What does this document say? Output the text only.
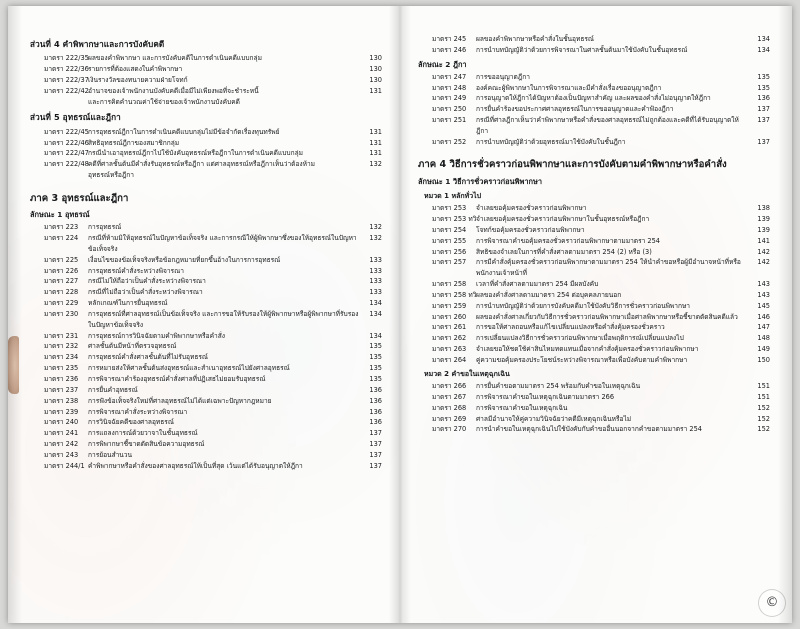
ส่วนที่ 4 คำพิพากษาและการบังคับคดี
มาตรา 222/35 ผลของคำพิพากษา และการบังคับคดีในการดำเนินคดีแบบกลุ่ม	130
มาตรา 222/36 รายการที่ต้องแสดงในคำพิพากษา	130
มาตรา 222/37 เงินรางวัลของทนายความฝ่ายโจทก์	130
มาตรา 222/42 อำนาจของเจ้าพนักงานบังคับคดีเมื่อมีไม่เพียงพอที่จะชำระหนี้	131
และการคิดคำนวณค่าใช้จ่ายของเจ้าพนักงานบังคับคดี
ส่วนที่ 5 อุทธรณ์และฎีกา
มาตรา 222/45 การอุทธรณ์ฎีกาในการดำเนินคดีแบบกลุ่มไม่มีข้อจำกัดเรื่องทุนทรัพย์	131
มาตรา 222/46 สิทธิอุทธรณ์ฎีกาของสมาชิกกลุ่ม	131
มาตรา 222/47 กรณีนำเอาอุทธรณ์ฎีกาไปใช้บังคับอุทธรณ์หรือฎีกาในการดำเนินคดีแบบกลุ่ม	131
มาตรา 222/48 คดีที่ศาลชั้นต้นมีคำสั่งรับอุทธรณ์หรือฎีกา แต่ศาลอุทธรณ์หรือฎีกาเห็นว่าต้องห้าม	132
อุทธรณ์หรือฎีกา
ภาค 3 อุทธรณ์และฎีกา
ลักษณะ 1 อุทธรณ์
มาตรา 223	การอุทธรณ์	132
มาตรา 224	กรณีที่ห้ามมิให้อุทธรณ์ในปัญหาข้อเท็จจริง และการกรณีให้ผู้พิพากษาซึ่งของให้อุทธรณ์ในปัญหาข้อเท็จจริง
132
มาตรา 225	เงื่อนไขของข้อเท็จจริงหรือข้อกฎหมายที่ยกขึ้นอ้างในการการอุทธรณ์	133
มาตรา 226	การอุทธรณ์คำสั่งระหว่างพิจารณา	133
มาตรา 227	กรณีไม่ให้ถือว่าเป็นคำสั่งระหว่างพิจารณา	133
มาตรา 228	กรณีที่ไม่ถือว่าเป็นคำสั่งระหว่างพิจารณา	133
มาตรา 229	หลักเกณฑ์ในการยื่นอุทธรณ์	134
มาตรา 230	การอุทธรณ์ที่ศาลอุทธรณ์เป็นข้อเท็จจริง และการขอให้รับรองให้ผู้พิพากษาหรือผู้พิพากษาที่รับรองในปัญหาข้อเท็จจริง
134
มาตรา 231	การอุทธรณ์การวินิจฉัยตามคำพิพากษาหรือคำสั่ง	134
มาตรา 232	ศาลชั้นต้นมีหน้าที่ตรวจอุทธรณ์	135
มาตรา 234	การอุทธรณ์คำสั่งศาลชั้นต้นที่ไม่รับอุทธรณ์	135
มาตรา 235	การหมายส่งให้ศาลชั้นต้นส่งอุทธรณ์และสำเนาอุทธรณ์ไปยังศาลอุทธรณ์	135
มาตรา 236	การพิจารณาคำร้องอุทธรณ์คำสั่งศาลที่ปฏิเสธไม่ยอมรับอุทธรณ์	135
มาตรา 237	การยื่นคำอุทธรณ์	136
มาตรา 238	การฟังข้อเท็จจริงใหม่ที่ศาลอุทธรณ์ไม่ได้แต่เฉพาะปัญหากฎหมาย	136
มาตรา 239	การพิจารณาคำสั่งระหว่างพิจารณา	136
มาตรา 240	การวินิจฉัยคดีของศาลอุทธรณ์	136
มาตรา 241	การแถลงการณ์ด้วยวาจาในชั้นอุทธรณ์	137
มาตรา 242	การพิพากษาชี้ขาดตัดสินข้อความอุทธรณ์	137
มาตรา 243	การย้อนสำนวน	137
มาตรา 244/1 คำพิพากษาหรือคำสั่งของศาลอุทธรณ์ให้เป็นที่สุด เว้นแต่ได้รับอนุญาตให้ฎีกา	137
มาตรา 245	ผลของคำพิพากษาหรือคำสั่งในชั้นอุทธรณ์	134
มาตรา 246	การนำบทบัญญัติว่าด้วยการพิจารณาในศาลชั้นต้นมาใช้บังคับในชั้นอุทธรณ์	134
ลักษณะ 2 ฎีกา
มาตรา 247	การขออนุญาตฎีกา	135
มาตรา 248	องค์คณะผู้พิพากษาในการพิจารณาและมีคำสั่งเรื่องขออนุญาตฎีกา	135
มาตรา 249	การอนุญาตให้ฎีกาได้ปัญหาต้องเป็นปัญหาสำคัญ และผลของคำสั่งไม่อนุญาตให้ฎีกา	136
มาตรา 250	การยื่นคำร้องขอประกาศศาลอุทธรณ์ในการขออนุญาตและคำฟ้องฎีกา	137
มาตรา 251	กรณีที่ศาลฎีกาเห็นว่าคำพิพากษาหรือคำสั่งของศาลอุทธรณ์ไม่ถูกต้องและคดีที่ได้รับอนุญาตให้ฎีกา
137
มาตรา 252	การนำบทบัญญัติว่าด้วยอุทธรณ์มาใช้บังคับในชั้นฎีกา	137
ภาค 4 วิธีการชั่วคราวก่อนพิพากษาและการบังคับตามคำพิพากษาหรือคำสั่ง
ลักษณะ 1 วิธีการชั่วคราวก่อนพิพากษา
หมวด 1 หลักทั่วไป
มาตรา 253	จำเลยขอคุ้มครองชั่วคราวก่อนพิพากษา	138
มาตรา 253 ทวิ จำเลยขอคุ้มครองชั่วคราวก่อนพิพากษาในชั้นอุทธรณ์หรือฎีกา	139
มาตรา 254	โจทก์ขอคุ้มครองชั่วคราวก่อนพิพากษา	139
มาตรา 255	การพิจารณาคำขอคุ้มครองชั่วคราวก่อนพิพากษาตามมาตรา 254	141
มาตรา 256	สิทธิของจำเลยในการที่คำสั่งศาลตามมาตรา 254 (2) หรือ (3)	142
มาตรา 257	การมีคำสั่งคุ้มครองชั่วคราวก่อนพิพากษาตามมาตรา 254 ให้นำคำขอหรือผู้มีอำนาจหน้าที่หรือพนักงานเจ้าหน้าที่
142
มาตรา 258	เวลาที่คำสั่งศาลตามมาตรา 254 มีผลบังคับ	143
มาตรา 258 ทวิ ผลของคำสั่งศาลตามมาตรา 254 ต่อบุคคลภายนอก	143
มาตรา 259	การนำบทบัญญัติว่าด้วยการบังคับคดีมาใช้บังคับวิธีการชั่วคราวก่อนพิพากษา	145
มาตรา 260	ผลของคำสั่งศาลเกี่ยวกับวิธีการชั่วคราวก่อนพิพากษาเมื่อศาลพิพากษาหรือชี้ขาดตัดสินคดีแล้ว	146
มาตรา 261	การขอให้ศาลถอนหรือแก้ไขเปลี่ยนแปลงหรือคำสั่งคุ้มครองชั่วคราว	147
มาตรา 262	การเปลี่ยนแปลงวิธีการชั่วคราวก่อนพิพากษาเมื่อพฤติการณ์เปลี่ยนแปลงไป	148
มาตรา 263	จำเลยขอให้ชดใช้ค่าสินไหมทดแทนเมื่อจากคำสั่งคุ้มครองชั่วคราวก่อนพิพากษา	149
มาตรา 264	คู่ความขอคุ้มครองประโยชน์ระหว่างพิจารณาหรือเพื่อบังคับตามคำพิพากษา	150
หมวด 2 คำขอในเหตุฉุกเฉิน
มาตรา 266	การยื่นคำขอตามมาตรา 254 พร้อมกับคำขอในเหตุฉุกเฉิน	151
มาตรา 267	การพิจารณาคำขอในเหตุฉุกเฉินตามมาตรา 266	151
มาตรา 268	การพิจารณาคำขอในเหตุฉุกเฉิน	152
มาตรา 269	ศาลมีอำนาจให้คู่ความวินิจฉัยว่าคดีมีเหตุฉุกเฉินหรือไม่	152
มาตรา 270	การนำคำขอในเหตุฉุกเฉินไปใช้บังคับกับคำขออื่นนอกจากคำขอตามมาตรา 254	152
©
